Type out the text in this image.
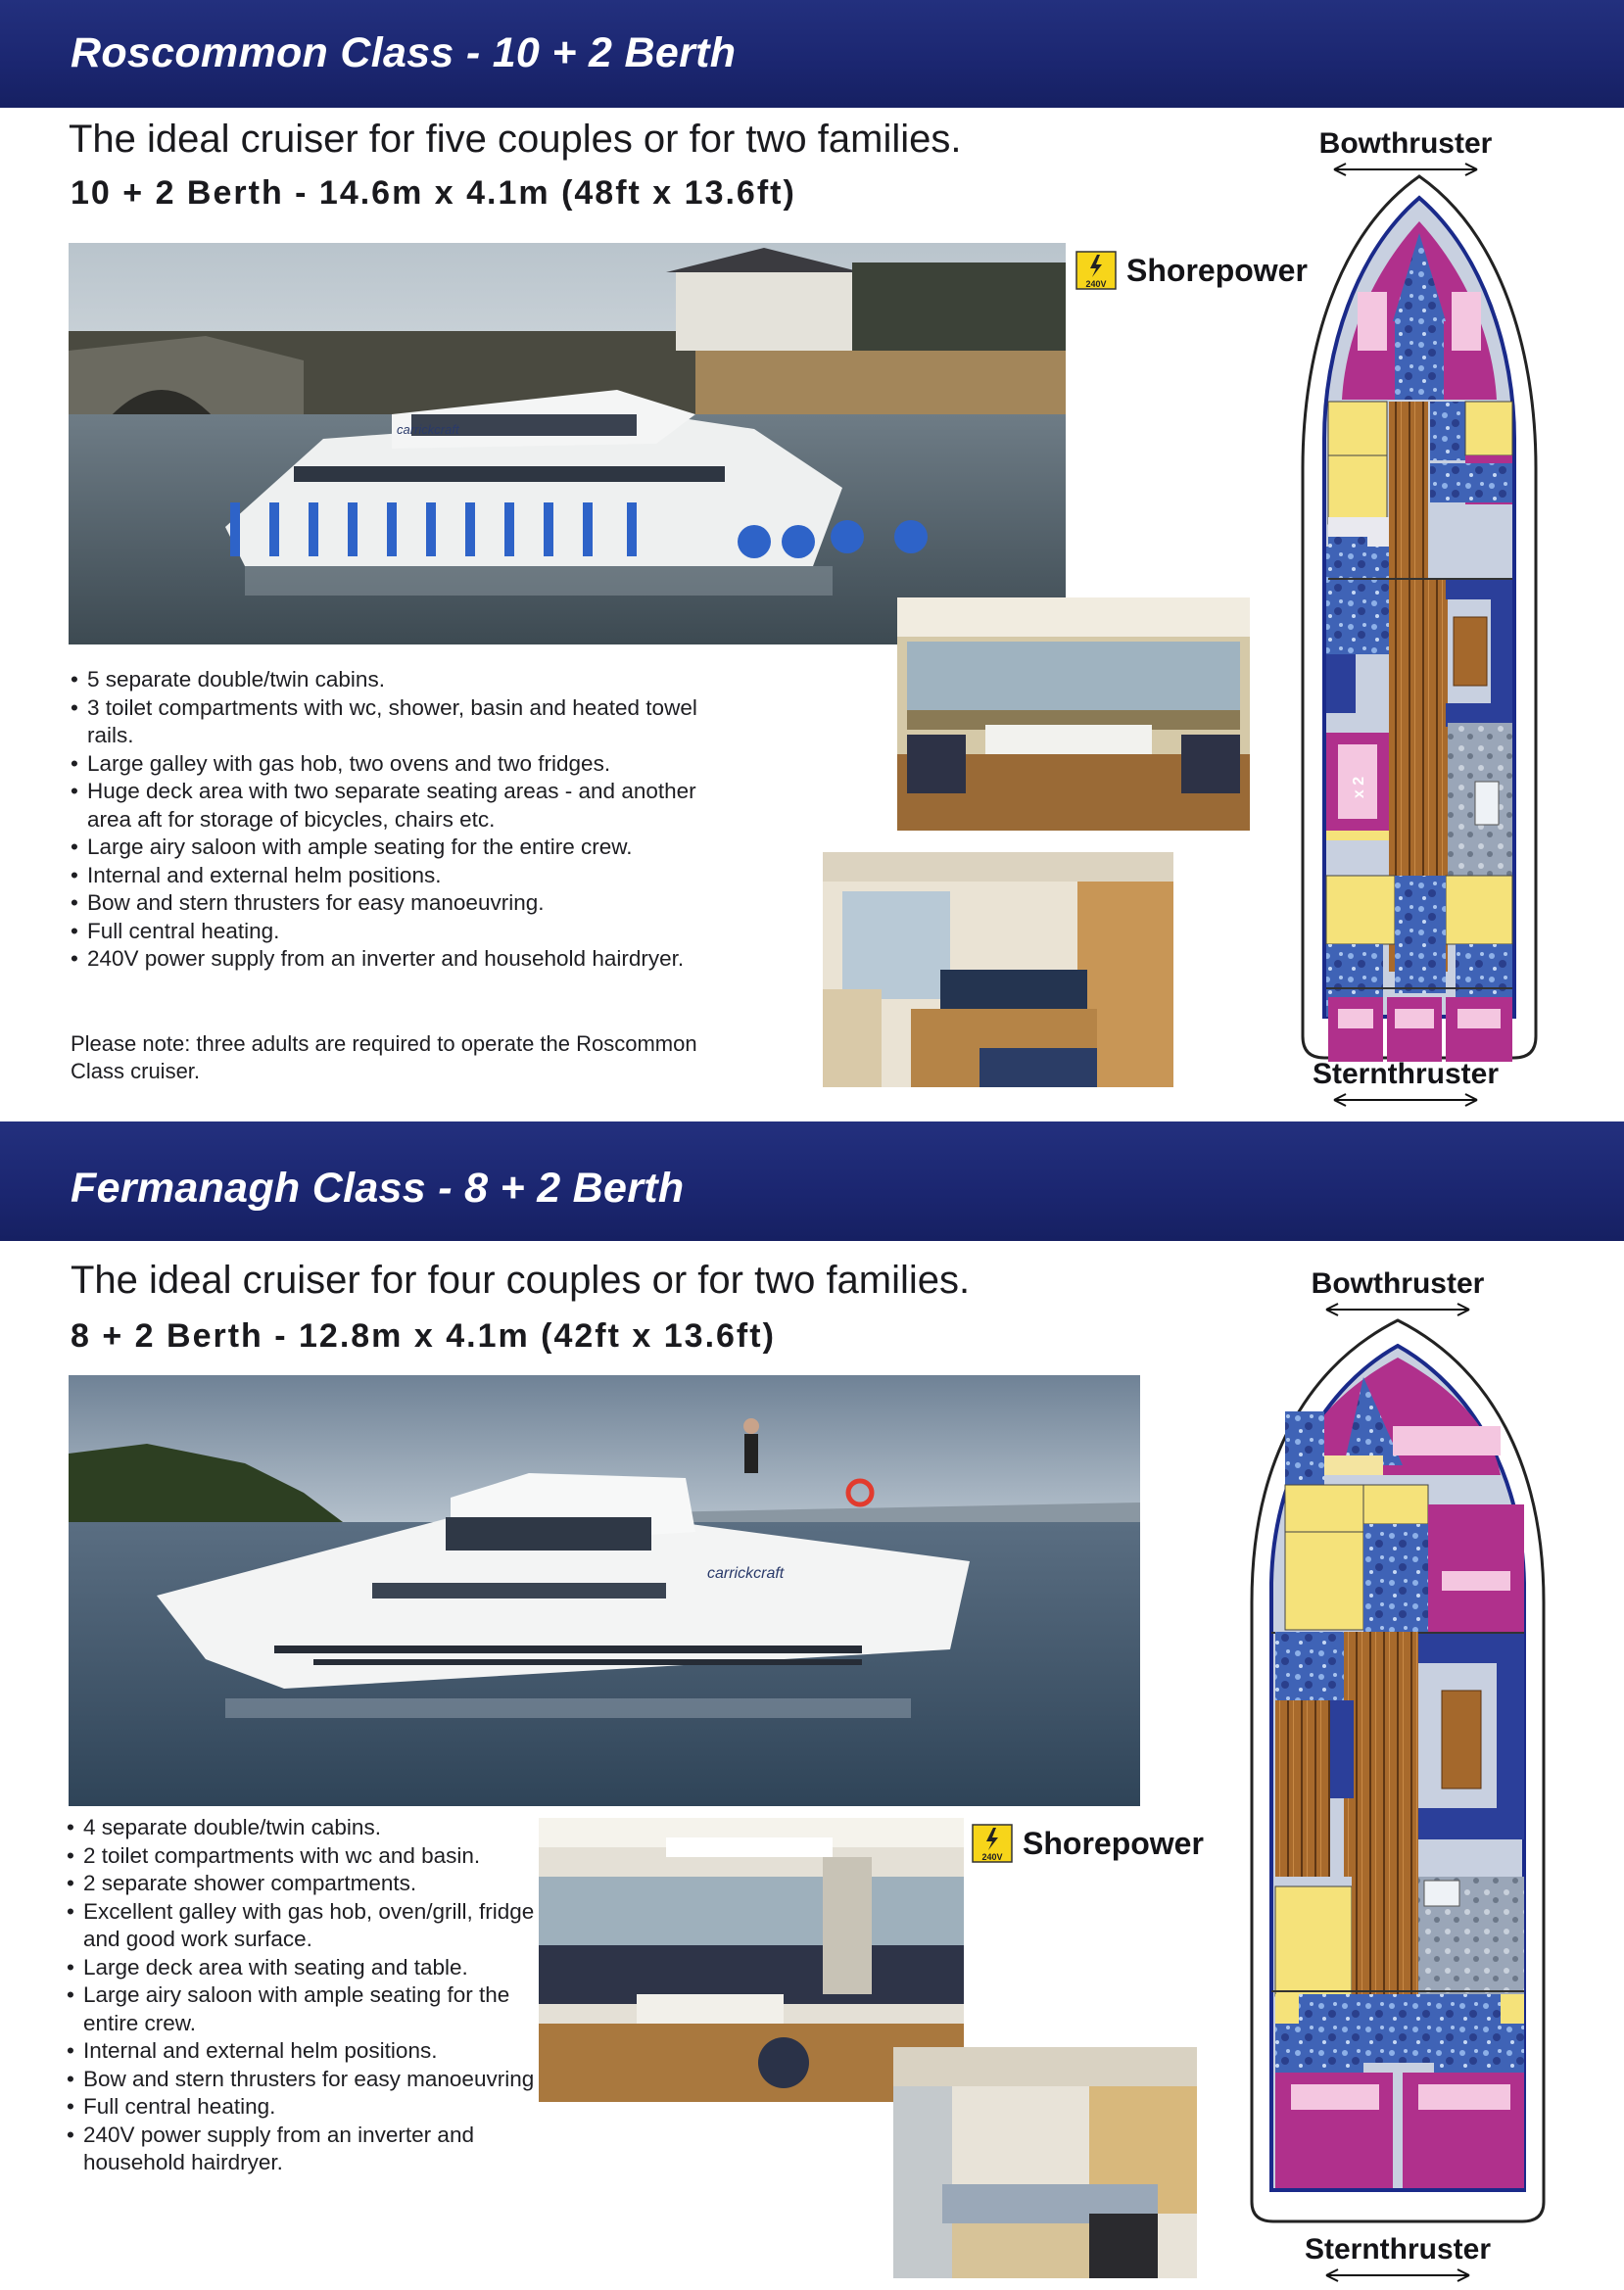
Roscommon Class - 10 + 2 Berth
The ideal cruiser for five couples or for two families.
10 + 2 Berth - 14.6m x 4.1m (48ft x 13.6ft)
240V Shorepower
• 5 separate double/twin cabins.
• 3 toilet compartments with wc, shower, basin and heated towel rails.
• Large galley with gas hob, two ovens and two fridges.
• Huge deck area with two separate seating areas - and another area aft for storage of bicycles, chairs etc.
• Large airy saloon with ample seating for the entire crew.
• Internal and external helm positions.
• Bow and stern thrusters for easy manoeuvring.
• Full central heating.
• 240V power supply from an inverter and household hairdryer.
Please note: three adults are required to operate the Roscommon Class cruiser.
Bowthruster
x 2
Sternthruster
Fermanagh Class - 8 + 2 Berth
The ideal cruiser for four couples or for two families.
8 + 2 Berth - 12.8m x 4.1m (42ft x 13.6ft)
240V Shorepower
• 4 separate double/twin cabins.
• 2 toilet compartments with wc and basin.
• 2 separate shower compartments.
• Excellent galley with gas hob, oven/grill, fridge and good work surface.
• Large deck area with seating and table.
• Large airy saloon with ample seating for the entire crew.
• Internal and external helm positions.
• Bow and stern thrusters for easy manoeuvring
• Full central heating.
• 240V power supply from an inverter and household hairdryer.
Bowthruster
Sternthruster
carrickcraft
carrickcraft
